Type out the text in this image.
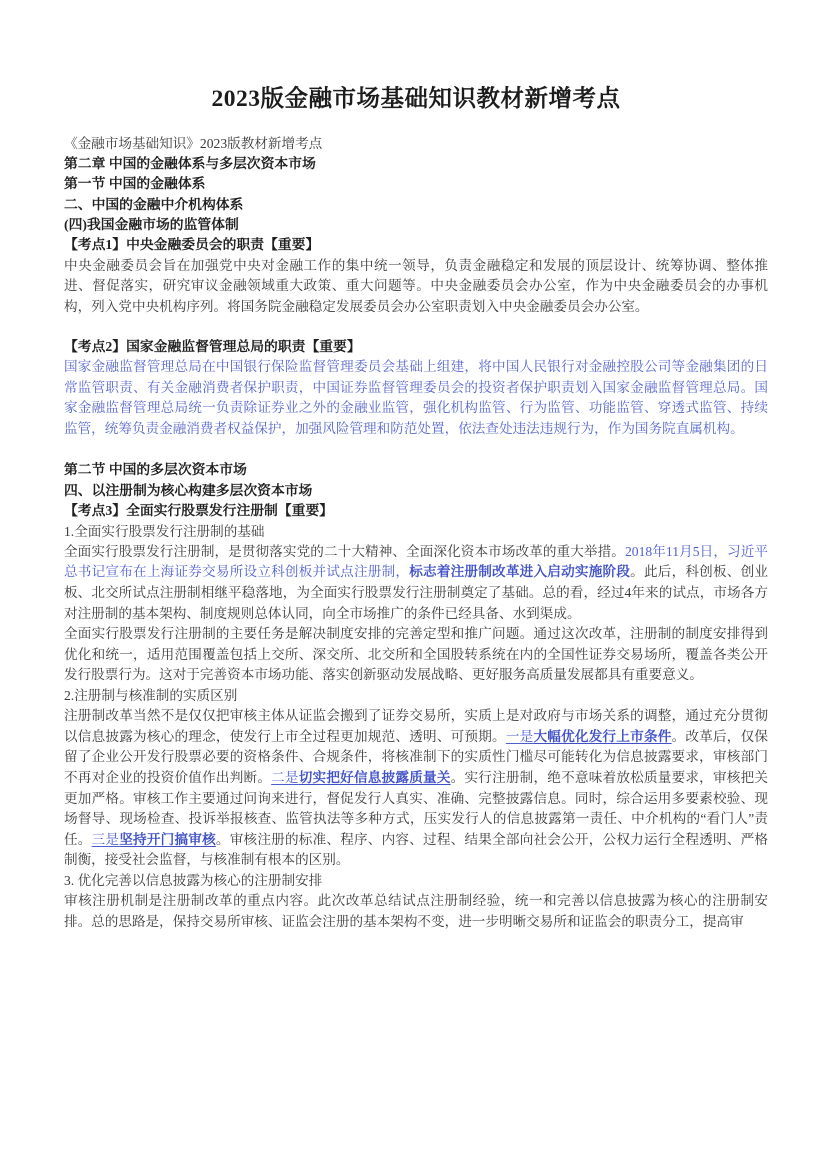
2023版金融市场基础知识教材新增考点
《金融市场基础知识》2023版教材新增考点
第二章 中国的金融体系与多层次资本市场
第一节 中国的金融体系
二、中国的金融中介机构体系
(四)我国金融市场的监管体制
【考点1】中央金融委员会的职责【重要】
中央金融委员会旨在加强党中央对金融工作的集中统一领导，负责金融稳定和发展的顶层设计、统筹协调、整体推进、督促落实，研究审议金融领域重大政策、重大问题等。中央金融委员会办公室，作为中央金融委员会的办事机构，列入党中央机构序列。将国务院金融稳定发展委员会办公室职责划入中央金融委员会办公室。
【考点2】国家金融监督管理总局的职责【重要】
国家金融监督管理总局在中国银行保险监督管理委员会基础上组建，将中国人民银行对金融控股公司等金融集团的日常监管职责、有关金融消费者保护职责，中国证券监督管理委员会的投资者保护职责划入国家金融监督管理总局。国家金融监督管理总局统一负责除证券业之外的金融业监管，强化机构监管、行为监管、功能监管、穿透式监管、持续监管，统筹负责金融消费者权益保护，加强风险管理和防范处置，依法查处违法违规行为，作为国务院直属机构。
第二节 中国的多层次资本市场
四、以注册制为核心构建多层次资本市场
【考点3】全面实行股票发行注册制【重要】
1.全面实行股票发行注册制的基础
全面实行股票发行注册制，是贯彻落实党的二十大精神、全面深化资本市场改革的重大举措。2018年11月5日，习近平总书记宣布在上海证券交易所设立科创板并试点注册制，标志着注册制改革进入启动实施阶段。此后，科创板、创业板、北交所试点注册制相继平稳落地，为全面实行股票发行注册制奠定了基础。总的看，经过4年来的试点，市场各方对注册制的基本架构、制度规则总体认同，向全市场推广的条件已经具备、水到渠成。
全面实行股票发行注册制的主要任务是解决制度安排的完善定型和推广问题。通过这次改革，注册制的制度安排得到优化和统一，适用范围覆盖包括上交所、深交所、北交所和全国股转系统在内的全国性证券交易场所，覆盖各类公开发行股票行为。这对于完善资本市场功能、落实创新驱动发展战略、更好服务高质量发展都具有重要意义。
2.注册制与核准制的实质区别
注册制改革当然不是仅仅把审核主体从证监会搬到了证券交易所，实质上是对政府与市场关系的调整，通过充分贯彻以信息披露为核心的理念，使发行上市全过程更加规范、透明、可预期。一是大幅优化发行上市条件。改革后，仅保留了企业公开发行股票必要的资格条件、合规条件，将核准制下的实质性门槛尽可能转化为信息披露要求，审核部门不再对企业的投资价值作出判断。二是切实把好信息披露质量关。实行注册制，绝不意味着放松质量要求，审核把关更加严格。审核工作主要通过问询来进行，督促发行人真实、准确、完整披露信息。同时，综合运用多要素校验、现场督导、现场检查、投诉举报核查、监管执法等多种方式，压实发行人的信息披露第一责任、中介机构的“看门人”责任。三是坚持开门搞审核。审核注册的标准、程序、内容、过程、结果全部向社会公开，公权力运行全程透明、严格制衡，接受社会监督，与核准制有根本的区别。
3. 优化完善以信息披露为核心的注册制安排
审核注册机制是注册制改革的重点内容。此次改革总结试点注册制经验，统一和完善以信息披露为核心的注册制安排。总的思路是，保持交易所审核、证监会注册的基本架构不变，进一步明晰交易所和证监会的职责分工，提高审
